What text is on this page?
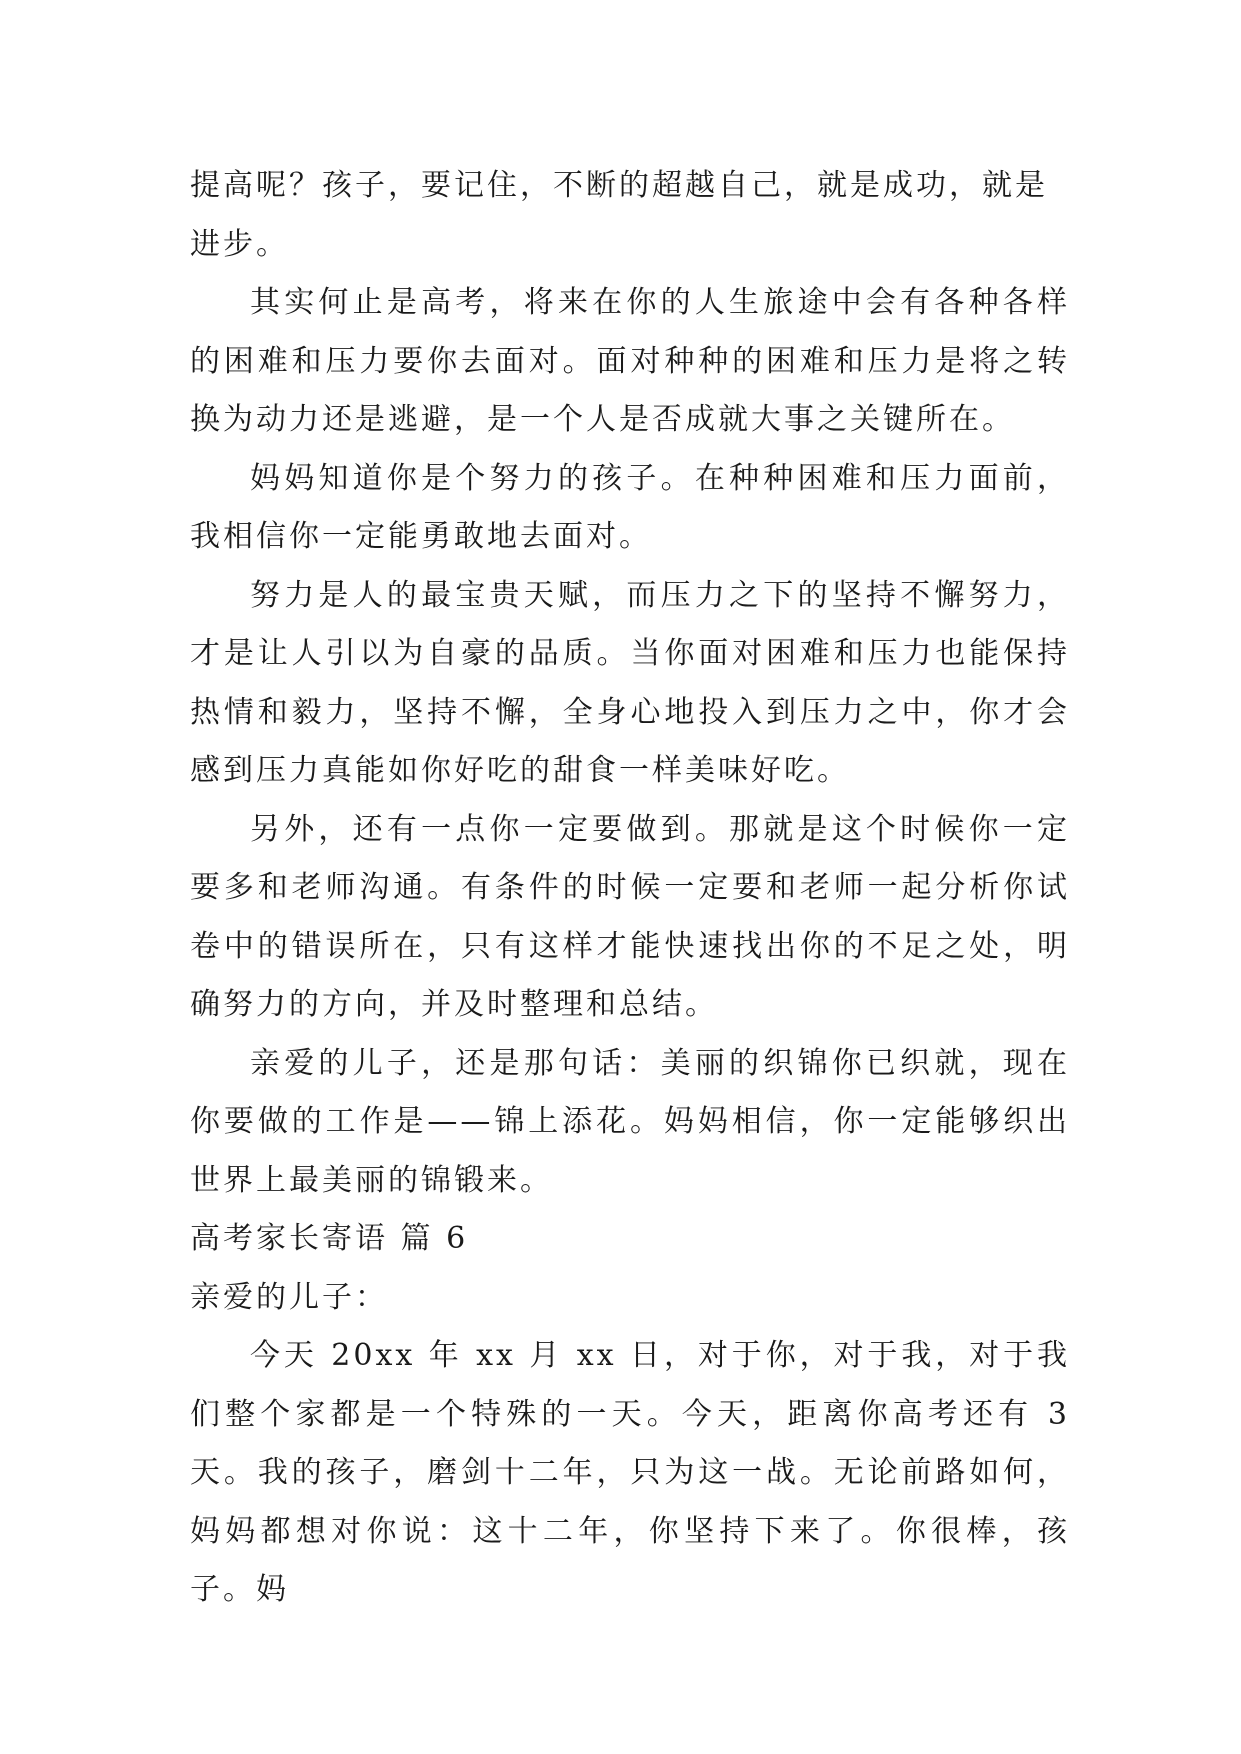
提高呢？孩子，要记住，不断的超越自己，就是成功，就是进步。

其实何止是高考，将来在你的人生旅途中会有各种各样的困难和压力要你去面对。面对种种的困难和压力是将之转换为动力还是逃避，是一个人是否成就大事之关键所在。

妈妈知道你是个努力的孩子。在种种困难和压力面前，我相信你一定能勇敢地去面对。

努力是人的最宝贵天赋，而压力之下的坚持不懈努力，才是让人引以为自豪的品质。当你面对困难和压力也能保持热情和毅力，坚持不懈，全身心地投入到压力之中，你才会感到压力真能如你好吃的甜食一样美味好吃。

另外，还有一点你一定要做到。那就是这个时候你一定要多和老师沟通。有条件的时候一定要和老师一起分析你试卷中的错误所在，只有这样才能快速找出你的不足之处，明确努力的方向，并及时整理和总结。

亲爱的儿子，还是那句话：美丽的织锦你已织就，现在你要做的工作是——锦上添花。妈妈相信，你一定能够织出世界上最美丽的锦锻来。

高考家长寄语 篇 6

亲爱的儿子：

今天 20xx 年 xx 月 xx 日，对于你，对于我，对于我们整个家都是一个特殊的一天。今天，距离你高考还有 3 天。我的孩子，磨剑十二年，只为这一战。无论前路如何，妈妈都想对你说：这十二年，你坚持下来了。你很棒，孩子。妈
